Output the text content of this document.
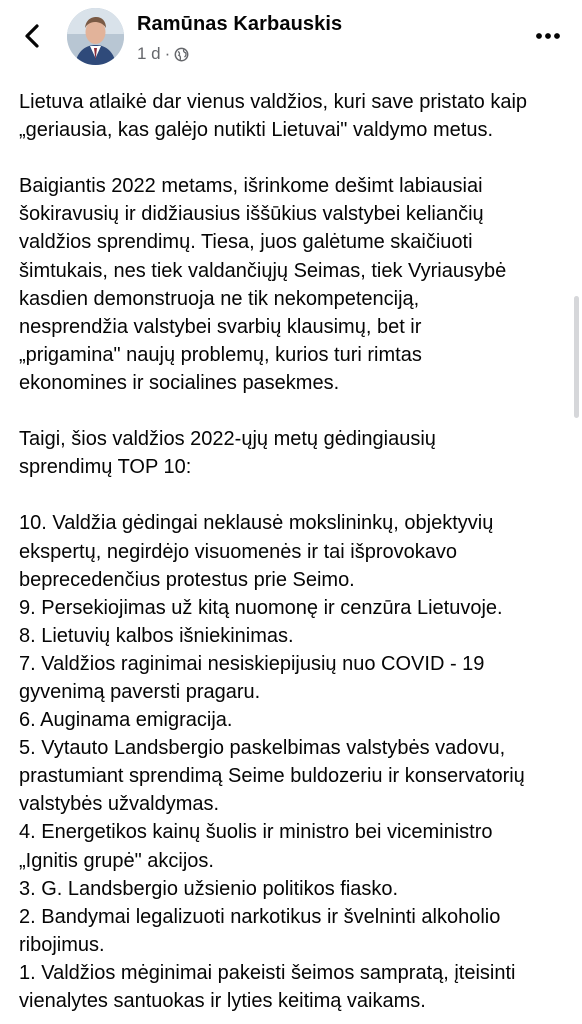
Ramūnas Karbauskis
1 d ·

Lietuva atlaikė dar vienus valdžios, kuri save pristato kaip
„geriausia, kas galėjo nutikti Lietuvai" valdymo metus.

Baigiantis 2022 metams, išrinkome dešimt labiausiai
šokiravusių ir didžiausius iššūkius valstybei keliančių
valdžios sprendimų. Tiesa, juos galėtume skaičiuoti
šimtukais, nes tiek valdančiųjų Seimas, tiek Vyriausybė
kasdien demonstruoja ne tik nekompetenciją,
nesprendžia valstybei svarbių klausimų, bet ir
„prigamina" naujų problemų, kurios turi rimtas
ekonomines ir socialines pasekmes.

Taigi, šios valdžios 2022-ųjų metų gėdingiausių
sprendimų TOP 10:

10. Valdžia gėdingai neklausė mokslininkų, objektyvių
ekspertų, negirdėjo visuomenės ir tai išprovokavo
beprecedenčius protestus prie Seimo.
9. Persekiojimas už kitą nuomonę ir cenzūra Lietuvoje.
8. Lietuvių kalbos išniekinimas.
7. Valdžios raginimai nesiskiepijusių nuo COVID - 19
gyvenimą paversti pragaru.
6. Auginama emigracija.
5. Vytauto Landsbergio paskelbimas valstybės vadovu,
prastumiant sprendimą Seime buldozeriu ir konservatorių
valstybės užvaldymas.
4. Energetikos kainų šuolis ir ministro bei viceministro
„Ignitis grupė" akcijos.
3. G. Landsbergio užsienio politikos fiasko.
2. Bandymai legalizuoti narkotikus ir švelninti alkoholio
ribojimus.
1. Valdžios mėginimai pakeisti šeimos sampratą, įteisinti
vienalytes santuokas ir lyties keitimą vaikams.
